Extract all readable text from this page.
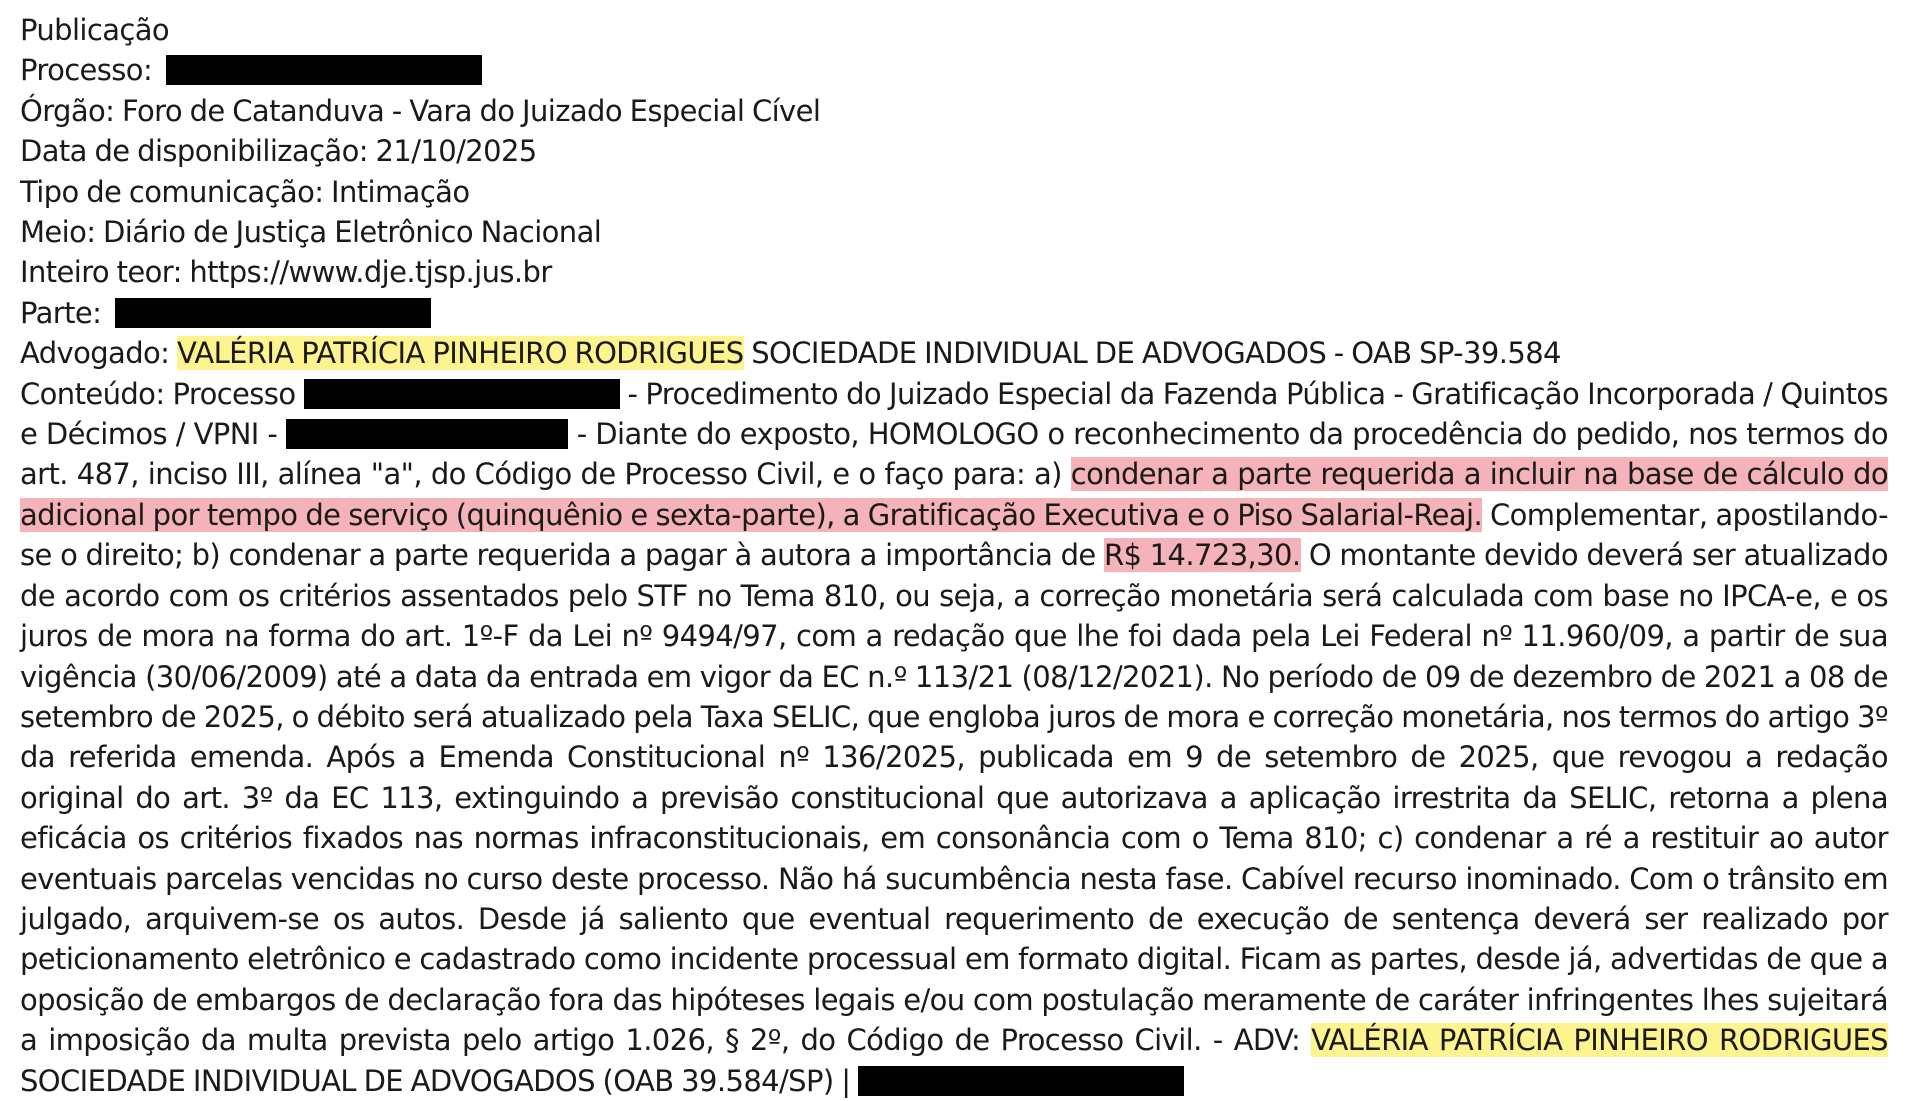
Publicação
Processo:
Órgão: Foro de Catanduva - Vara do Juizado Especial Cível
Data de disponibilização: 21/10/2025
Tipo de comunicação: Intimação
Meio: Diário de Justiça Eletrônico Nacional
Inteiro teor: https://www.dje.tjsp.jus.br
Parte:
Advogado: VALÉRIA PATRÍCIA PINHEIRO RODRIGUES SOCIEDADE INDIVIDUAL DE ADVOGADOS - OAB SP-39.584
Conteúdo: Processo	- Procedimento do Juizado Especial da Fazenda Pública - Gratificação Incorporada / Quintos e Décimos / VPNI -	- Diante do exposto, HOMOLOGO o reconhecimento da procedência do pedido, nos termos do art. 487, inciso III, alínea "a", do Código de Processo Civil, e o faço para: a) condenar a parte requerida a incluir na base de cálculo do adicional por tempo de serviço (quinquênio e sexta-parte), a Gratificação Executiva e o Piso Salarial-Reaj. Complementar, apostilando-se o direito; b) condenar a parte requerida a pagar à autora a importância de R$ 14.723,30. O montante devido deverá ser atualizado de acordo com os critérios assentados pelo STF no Tema 810, ou seja, a correção monetária será calculada com base no IPCA-e, e os juros de mora na forma do art. 1º-F da Lei nº 9494/97, com a redação que lhe foi dada pela Lei Federal nº 11.960/09, a partir de sua vigência (30/06/2009) até a data da entrada em vigor da EC n.º 113/21 (08/12/2021). No período de 09 de dezembro de 2021 a 08 de setembro de 2025, o débito será atualizado pela Taxa SELIC, que engloba juros de mora e correção monetária, nos termos do artigo 3º da referida emenda. Após a Emenda Constitucional nº 136/2025, publicada em 9 de setembro de 2025, que revogou a redação original do art. 3º da EC 113, extinguindo a previsão constitucional que autorizava a aplicação irrestrita da SELIC, retorna a plena eficácia os critérios fixados nas normas infraconstitucionais, em consonância com o Tema 810; c) condenar a ré a restituir ao autor eventuais parcelas vencidas no curso deste processo. Não há sucumbência nesta fase. Cabível recurso inominado. Com o trânsito em julgado, arquivem-se os autos. Desde já saliento que eventual requerimento de execução de sentença deverá ser realizado por peticionamento eletrônico e cadastrado como incidente processual em formato digital. Ficam as partes, desde já, advertidas de que a oposição de embargos de declaração fora das hipóteses legais e/ou com postulação meramente de caráter infringentes lhes sujeitará a imposição da multa prevista pelo artigo 1.026, § 2º, do Código de Processo Civil. - ADV: VALÉRIA PATRÍCIA PINHEIRO RODRIGUES SOCIEDADE INDIVIDUAL DE ADVOGADOS (OAB 39.584/SP) |
